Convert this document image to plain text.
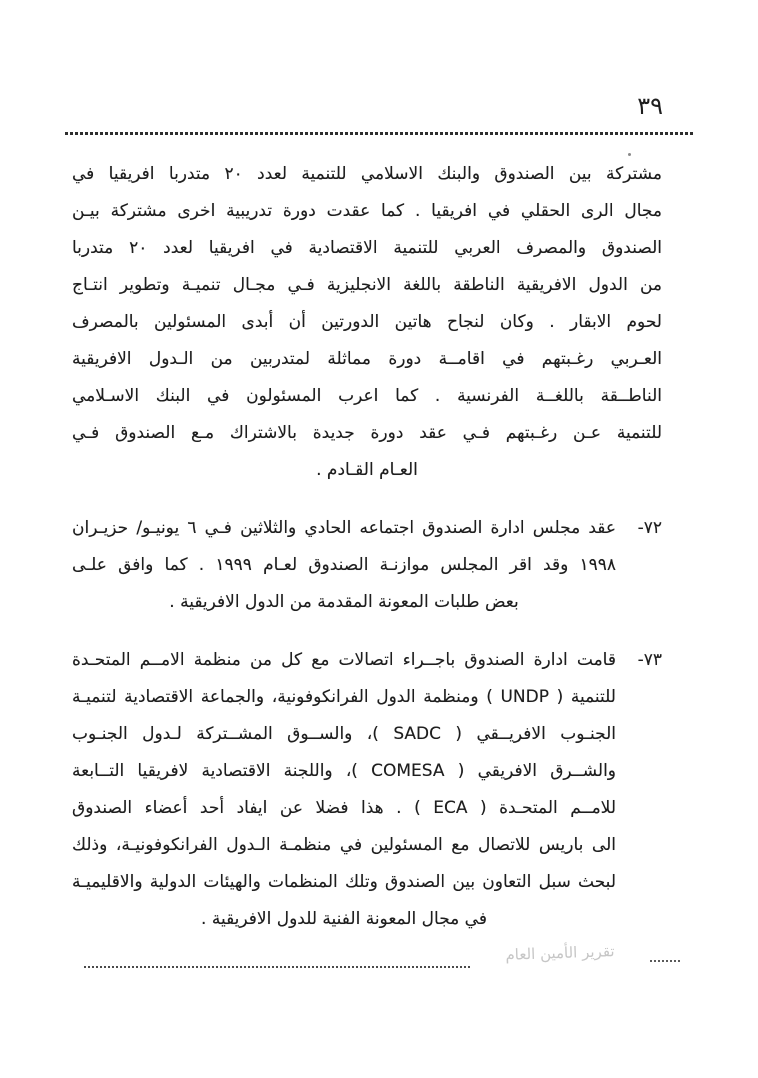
٣٩
مشتركة بين الصندوق والبنك الاسلامي للتنمية لعدد ٢٠ متدربا افريقيا في
مجال الرى الحقلي في افريقيا . كما عقدت دورة تدريبية اخرى مشتركة بيـن
الصندوق والمصرف العربي للتنمية الاقتصادية في افريقيا لعدد ٢٠ متدربا
من الدول الافريقية الناطقة باللغة الانجليزية فـي مجـال تنميـة وتطوير انتـاج
لحوم الابقار . وكان لنجاح هاتين الدورتين أن أبدى المسئولين بالمصرف
العـربي رغـبتهم في اقامــة دورة مماثلة لمتدربين من الـدول الافريقية
الناطــقة باللغــة الفرنسية . كما اعرب المسئولون في البنك الاسـلامي
للتنمية عـن رغـبتهم فـي عقد دورة جديدة بالاشتراك مـع الصندوق فـي
العـام القـادم .
٧٢-
عقد مجلس ادارة الصندوق اجتماعه الحادي والثلاثين فـي ٦ يونيـو/ حزيـران
١٩٩٨ وقد اقر المجلس موازنـة الصندوق لعـام ١٩٩٩ . كما وافق علـى
بعض طلبات المعونة المقدمة من الدول الافريقية .
٧٣-
قامت ادارة الصندوق باجــراء اتصالات مع كل من منظمة الامــم المتحـدة
للتنمية ( UNDP ) ومنظمة الدول الفرانكوفونية، والجماعة الاقتصادية لتنميـة
الجنـوب الافريــقي ( SADC )، والســوق المشــتركة لـدول الجنـوب
والشــرق الافريقي ( COMESA )، واللجنة الاقتصادية لافريقيا التــابعة
للامــم المتحـدة ( ECA ) . هذا فضلا عن ايفاد أحد أعضاء الصندوق
الى باريس للاتصال مع المسئولين في منظمـة الـدول الفرانكوفونيـة، وذلك
لبحث سبل التعاون بين الصندوق وتلك المنظمات والهيئات الدولية والاقليميـة
في مجال المعونة الفنية للدول الافريقية .
تقرير الأمين العام
